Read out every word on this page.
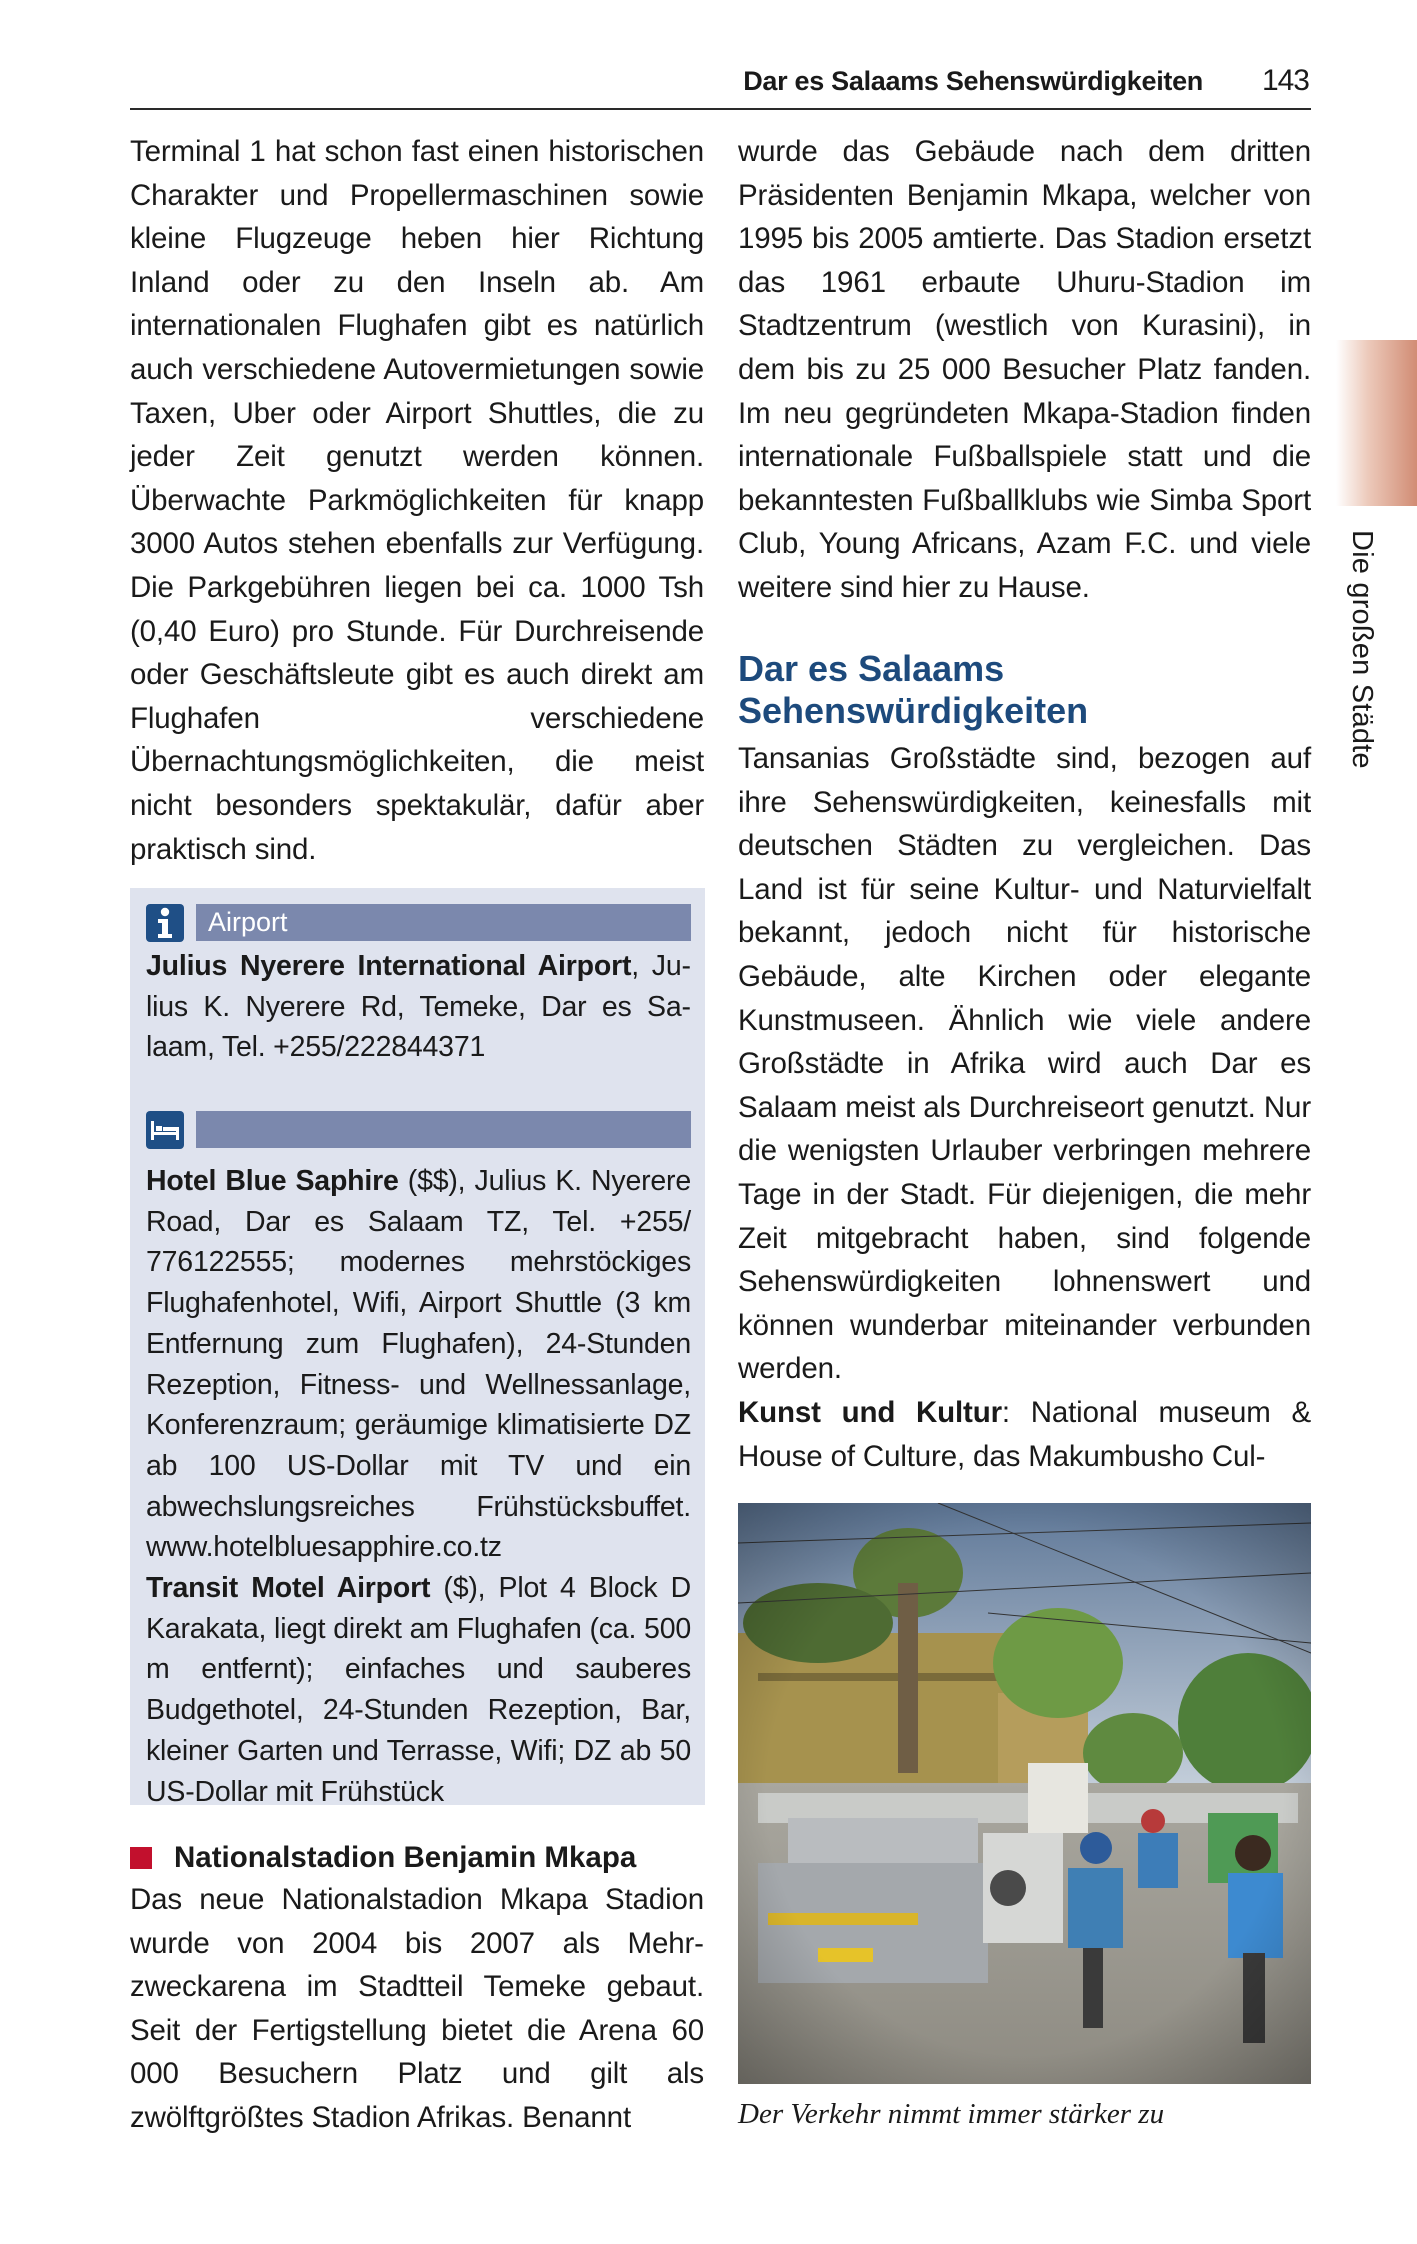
Dar es Salaams Sehenswürdigkeiten 143
Die großen Städte

Terminal 1 hat schon fast einen historischen Charakter und Propellermaschinen sowie kleine Flugzeuge heben hier Richtung Inland oder zu den Inseln ab. Am internationalen Flughafen gibt es natürlich auch verschiedene Autovermietungen sowie Taxen, Uber oder Airport Shuttles, die zu jeder Zeit genutzt werden können. Überwachte Parkmöglichkeiten für knapp 3000 Autos stehen ebenfalls zur Verfügung. Die Parkgebühren liegen bei ca. 1000 Tsh (0,40 Euro) pro Stunde. Für Durchreisende oder Geschäftsleute gibt es auch direkt am Flughafen verschiedene Übernachtungsmöglichkeiten, die meist nicht besonders spektakulär, dafür aber praktisch sind.

Airport

Julius Nyerere International Airport, Julius K. Nyerere Rd, Temeke, Dar es Salaam, Tel. +255/222844371

Hotel Blue Saphire ($$), Julius K. Nyerere Road, Dar es Salaam TZ, Tel. +255/ 776122555; modernes mehrstöckiges Flughafenhotel, Wifi, Airport Shuttle (3 km Entfernung zum Flughafen), 24-Stunden Rezeption, Fitness- und Wellnessanlage, Konferenzraum; geräumige klimatisierte DZ ab 100 US-Dollar mit TV und ein abwechslungsreiches Frühstücksbuffet. www.hotelbluesapphire.co.tz

Transit Motel Airport ($), Plot 4 Block D Karakata, liegt direkt am Flughafen (ca. 500 m entfernt); einfaches und sauberes Budgethotel, 24-Stunden Rezeption, Bar, kleiner Garten und Terrasse, Wifi; DZ ab 50 US-Dollar mit Frühstück

Nationalstadion Benjamin Mkapa

Das neue Nationalstadion Mkapa Stadion wurde von 2004 bis 2007 als Mehrzweckarena im Stadtteil Temeke gebaut. Seit der Fertigstellung bietet die Arena 60 000 Besuchern Platz und gilt als zwölftgrößtes Stadion Afrikas. Benannt

wurde das Gebäude nach dem dritten Präsidenten Benjamin Mkapa, welcher von 1995 bis 2005 amtierte. Das Stadion ersetzt das 1961 erbaute Uhuru-Stadion im Stadtzentrum (westlich von Kurasini), in dem bis zu 25 000 Besucher Platz fanden. Im neu gegründeten Mkapa-Stadion finden internationale Fußballspiele statt und die bekanntesten Fußballklubs wie Simba Sport Club, Young Africans, Azam F.C. und viele weitere sind hier zu Hause.

Dar es Salaams
Sehenswürdigkeiten

Tansanias Großstädte sind, bezogen auf ihre Sehenswürdigkeiten, keinesfalls mit deutschen Städten zu vergleichen. Das Land ist für seine Kultur- und Naturvielfalt bekannt, jedoch nicht für historische Gebäude, alte Kirchen oder elegante Kunstmuseen. Ähnlich wie viele andere Großstädte in Afrika wird auch Dar es Salaam meist als Durchreiseort genutzt. Nur die wenigsten Urlauber verbringen mehrere Tage in der Stadt. Für diejenigen, die mehr Zeit mitgebracht haben, sind folgende Sehenswürdigkeiten lohnenswert und können wunderbar miteinander verbunden werden.

Kunst und Kultur: National museum & House of Culture, das Makumbusho Cul-

Der Verkehr nimmt immer stärker zu
